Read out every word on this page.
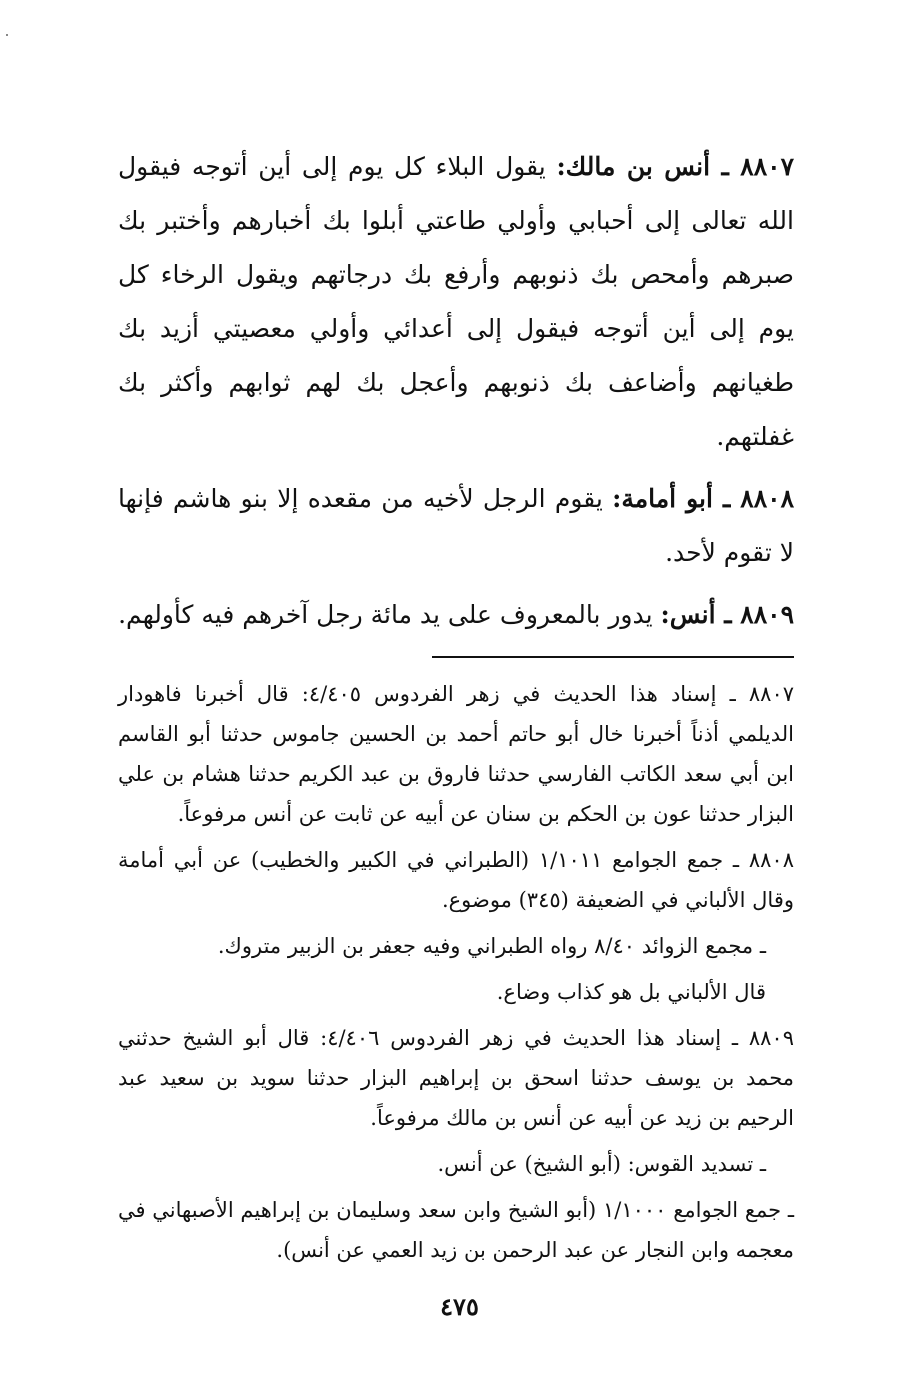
٨٨٠٧ ـ أنس بن مالك: يقول البلاء كل يوم إلى أين أتوجه فيقول الله تعالى إلى أحبابي وأولي طاعتي أبلوا بك أخبارهم وأختبر بك صبرهم وأمحص بك ذنوبهم وأرفع بك درجاتهم ويقول الرخاء كل يوم إلى أين أتوجه فيقول إلى أعدائي وأولي معصيتي أزيد بك طغيانهم وأضاعف بك ذنوبهم وأعجل بك لهم ثوابهم وأكثر بك غفلتهم.

٨٨٠٨ ـ أبو أمامة: يقوم الرجل لأخيه من مقعده إلا بنو هاشم فإنها لا تقوم لأحد.

٨٨٠٩ ـ أنس: يدور بالمعروف على يد مائة رجل آخرهم فيه كأولهم.

٨٨٠٧ ـ إسناد هذا الحديث في زهر الفردوس ٤/٤٠٥: قال أخبرنا فاهودار الديلمي أذناً أخبرنا خال أبو حاتم أحمد بن الحسين جاموس حدثنا أبو القاسم ابن أبي سعد الكاتب الفارسي حدثنا فاروق بن عبد الكريم حدثنا هشام بن علي البزار حدثنا عون بن الحكم بن سنان عن أبيه عن ثابت عن أنس مرفوعاً.

٨٨٠٨ ـ جمع الجوامع ١/١٠١١ (الطبراني في الكبير والخطيب) عن أبي أمامة وقال الألباني في الضعيفة (٣٤٥) موضوع.

ـ مجمع الزوائد ٨/٤٠ رواه الطبراني وفيه جعفر بن الزبير متروك.

قال الألباني بل هو كذاب وضاع.

٨٨٠٩ ـ إسناد هذا الحديث في زهر الفردوس ٤/٤٠٦: قال أبو الشيخ حدثني محمد بن يوسف حدثنا اسحق بن إبراهيم البزار حدثنا سويد بن سعيد عبد الرحيم بن زيد عن أبيه عن أنس بن مالك مرفوعاً.

ـ تسديد القوس: (أبو الشيخ) عن أنس.

ـ جمع الجوامع ١/١٠٠٠ (أبو الشيخ وابن سعد وسليمان بن إبراهيم الأصبهاني في معجمه وابن النجار عن عبد الرحمن بن زيد العمي عن أنس).

٤٧٥
